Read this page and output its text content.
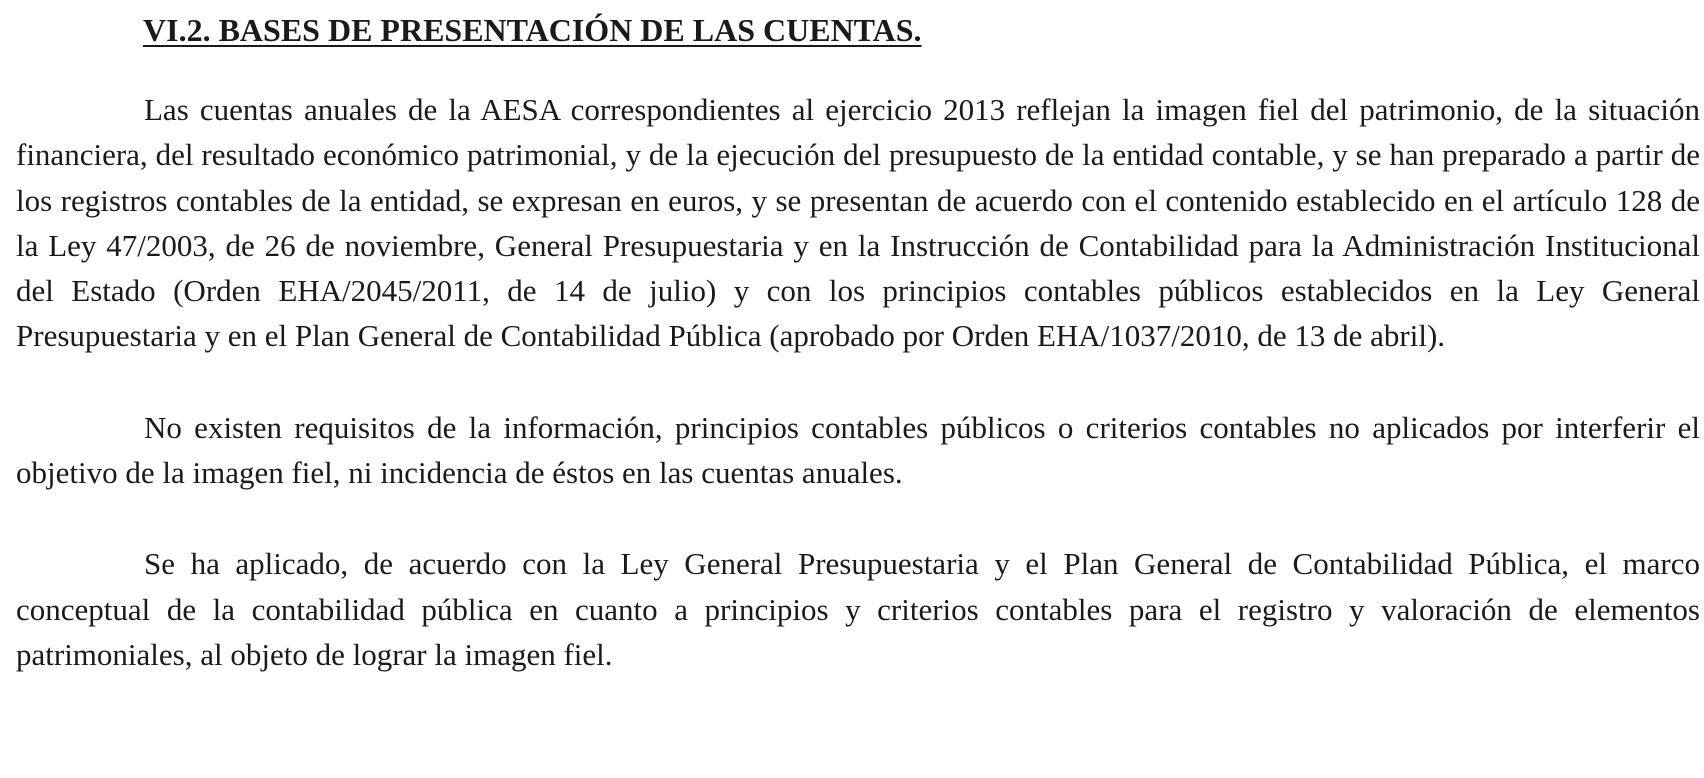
VI.2. BASES DE PRESENTACIÓN DE LAS CUENTAS.

Las cuentas anuales de la AESA correspondientes al ejercicio 2013 reflejan la imagen fiel del patrimonio, de la situación financiera, del resultado económico patrimonial, y de la ejecución del presupuesto de la entidad contable, y se han preparado a partir de los registros contables de la entidad, se expresan en euros, y se presentan de acuerdo con el contenido establecido en el artículo 128 de la Ley 47/2003, de 26 de noviembre, General Presupuestaria y en la Instrucción de Contabilidad para la Administración Institucional del Estado (Orden EHA/2045/2011, de 14 de julio) y con los principios contables públicos establecidos en la Ley General Presupuestaria y en el Plan General de Contabilidad Pública (aprobado por Orden EHA/1037/2010, de 13 de abril).

No existen requisitos de la información, principios contables públicos o criterios contables no aplicados por interferir el objetivo de la imagen fiel, ni incidencia de éstos en las cuentas anuales.

Se ha aplicado, de acuerdo con la Ley General Presupuestaria y el Plan General de Contabilidad Pública, el marco conceptual de la contabilidad pública en cuanto a principios y criterios contables para el registro y valoración de elementos patrimoniales, al objeto de lograr la imagen fiel.
